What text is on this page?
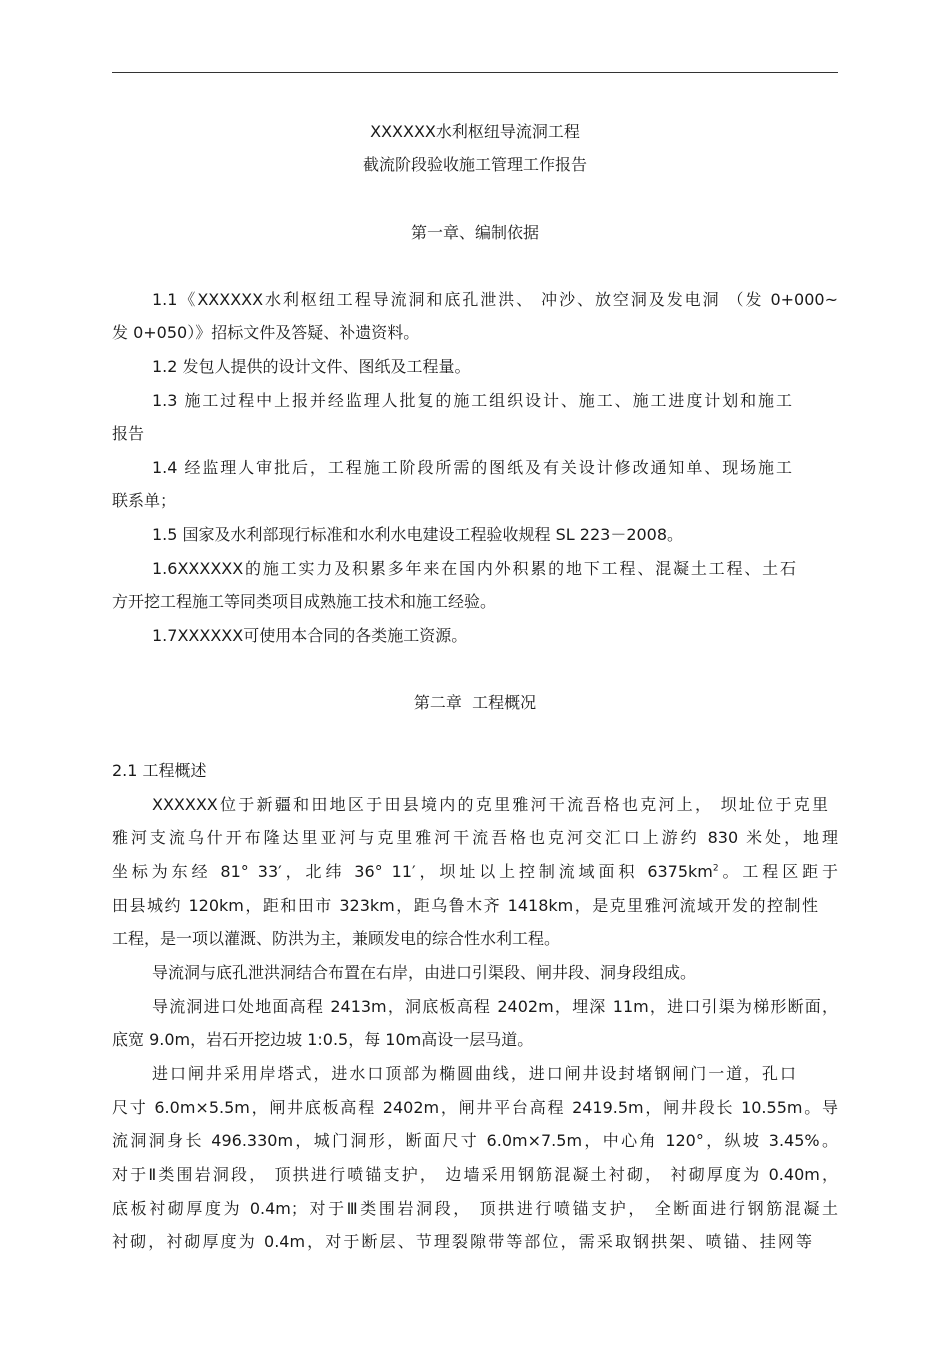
XXXXXX水利枢纽导流洞工程
截流阶段验收施工管理工作报告
第一章、编制依据
1.1《XXXXXX水利枢纽工程导流洞和底孔泄洪、 冲沙、放空洞及发电洞 （发 0+000~
发 0+050）》招标文件及答疑、补遗资料。
1.2 发包人提供的设计文件、图纸及工程量。
1.3 施工过程中上报并经监理人批复的施工组织设计、施工、施工进度计划和施工
报告
1.4 经监理人审批后，工程施工阶段所需的图纸及有关设计修改通知单、现场施工
联系单；
1.5 国家及水利部现行标准和水利水电建设工程验收规程 SL 223－2008。
1.6XXXXXX的施工实力及积累多年来在国内外积累的地下工程、混凝土工程、土石
方开挖工程施工等同类项目成熟施工技术和施工经验。
1.7XXXXXX可使用本合同的各类施工资源。
第二章  工程概况
2.1 工程概述
XXXXXX位于新疆和田地区于田县境内的克里雅河干流吾格也克河上， 坝址位于克里
雅河支流乌什开布隆达里亚河与克里雅河干流吾格也克河交汇口上游约 830 米处，地理
坐标为东经 81° 33′，北纬 36° 11′，坝址以上控制流域面积 $6375km^2$。工程区距于
田县城约 120km，距和田市 323km，距乌鲁木齐 1418km，是克里雅河流域开发的控制性
工程，是一项以灌溉、防洪为主，兼顾发电的综合性水利工程。
导流洞与底孔泄洪洞结合布置在右岸，由进口引渠段、闸井段、洞身段组成。
导流洞进口处地面高程 2413m，洞底板高程 2402m，埋深 11m，进口引渠为梯形断面，
底宽 9.0m，岩石开挖边坡 1:0.5，每 10m高设一层马道。
进口闸井采用岸塔式，进水口顶部为椭圆曲线，进口闸井设封堵钢闸门一道，孔口
尺寸 6.0m×5.5m，闸井底板高程 2402m，闸井平台高程 2419.5m，闸井段长 10.55m。导
流洞洞身长 496.330m，城门洞形，断面尺寸 6.0m×7.5m，中心角 120°，纵坡 3.45%。
对于Ⅱ类围岩洞段， 顶拱进行喷锚支护， 边墙采用钢筋混凝土衬砌， 衬砌厚度为 0.40m，
底板衬砌厚度为 0.4m；对于Ⅲ类围岩洞段， 顶拱进行喷锚支护， 全断面进行钢筋混凝土
衬砌，衬砌厚度为 0.4m，对于断层、节理裂隙带等部位，需采取钢拱架、喷锚、挂网等
